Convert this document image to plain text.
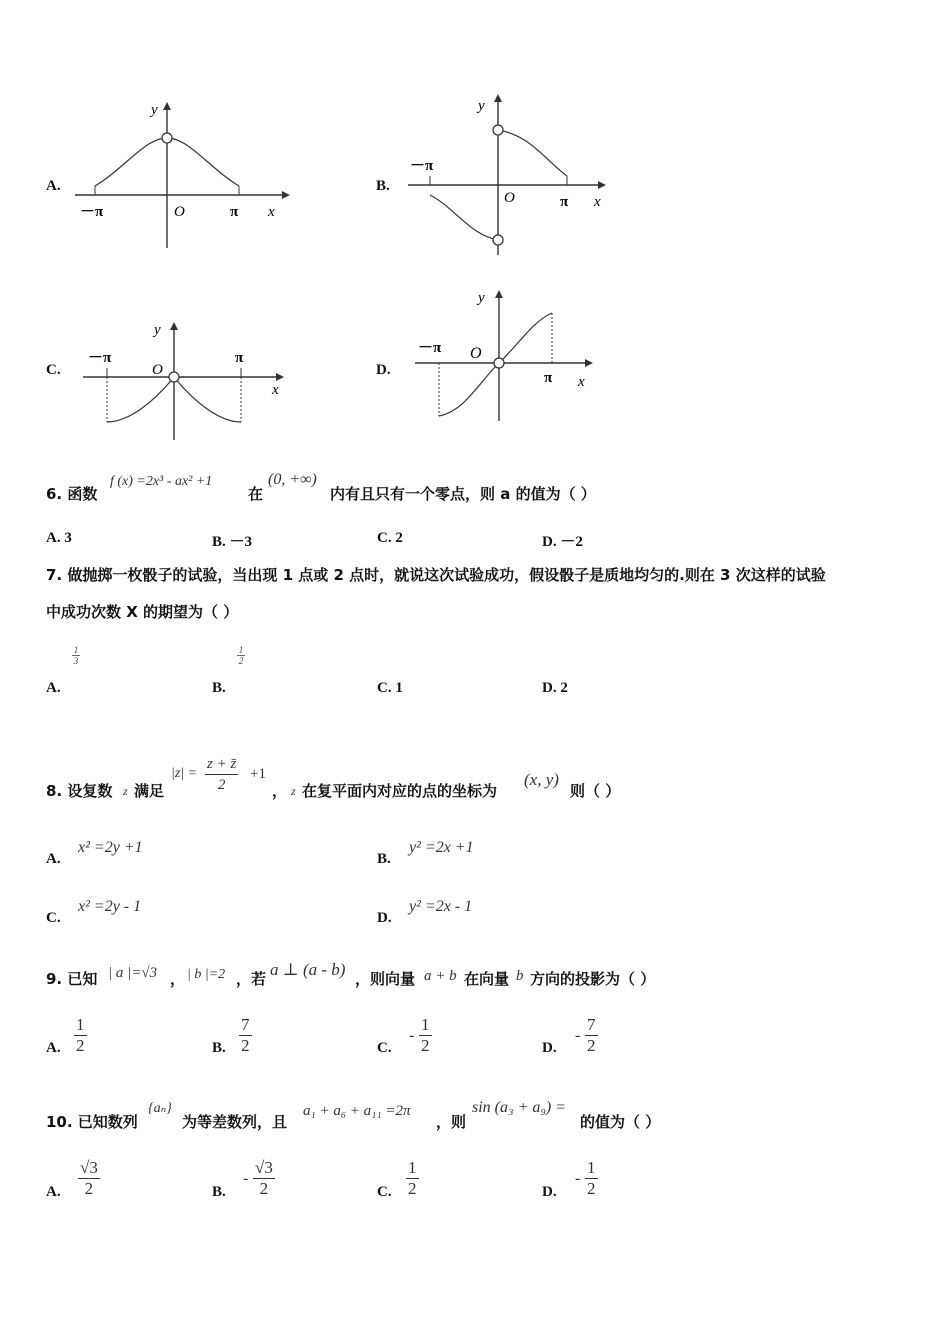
A.
y
－π	O	π x
B.
y
－π
O	π x
C.
y
－π
O
π
x
D.
y
－π O
π x
6. 函数
f (x) =2x³ - ax² +1
在
(0, +∞)
内有且只有一个零点，则 a 的值为（ ）
A. 3	B. －3	C. 2	D. －2
7. 做抛掷一枚骰子的试验，当出现 1 点或 2 点时，就说这次试验成功，假设骰子是质地均匀的.则在 3 次这样的试验
中成功次数 X 的期望为（ ）
1
3
A.
1
2
B.	C. 1	D. 2
8. 设复数 z 满足
|z| =
z + z̄
2
+1
， z 在复平面内对应的点的坐标为
(x, y)
则（ ）
A.
x² =2y +1
B.
y² =2x +1
C.
x² =2y - 1
D.
y² =2x - 1
9. 已知 | a |=√3 ， | b |=2 ，若 a ⊥ (a - b) ，则向量 a + b 在向量 b 方向的投影为（ ）
A.
1
2	B.
7
2	C.
-
1
2	D.
-
7
2
10. 已知数列
{aₙ}
为等差数列，且
a₁ + a₆ + a₁₁ =2π
，则
sin (a₃ + a₉) =
的值为（ ）
A.
√3
2	B.
-
√3
2	C.
1
2	D.
-
1
2
